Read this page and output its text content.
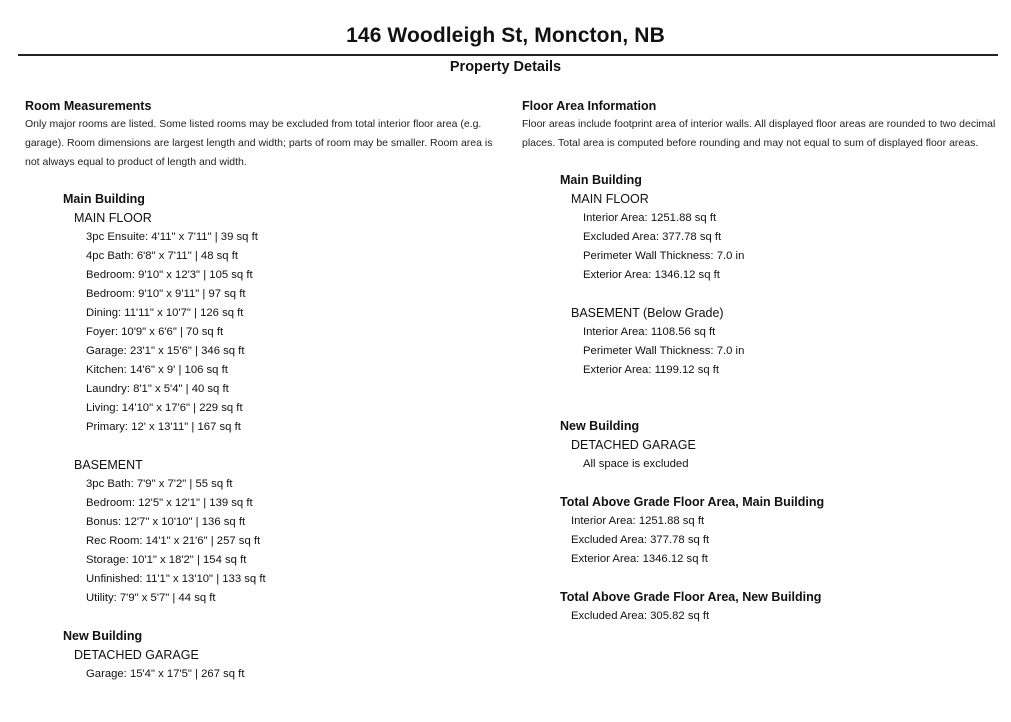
146 Woodleigh St, Moncton, NB
Property Details
Room Measurements

Only major rooms are listed. Some listed rooms may be excluded from total interior floor area (e.g. garage). Room dimensions are largest length and width; parts of room may be smaller. Room area is not always equal to product of length and width.

Main Building
MAIN FLOOR
3pc Ensuite: 4'11" x 7'11" | 39 sq ft
4pc Bath: 6'8" x 7'11" | 48 sq ft
Bedroom: 9'10" x 12'3" | 105 sq ft
Bedroom: 9'10" x 9'11" | 97 sq ft
Dining: 11'11" x 10'7" | 126 sq ft
Foyer: 10'9" x 6'6" | 70 sq ft
Garage: 23'1" x 15'6" | 346 sq ft
Kitchen: 14'6" x 9' | 106 sq ft
Laundry: 8'1" x 5'4" | 40 sq ft
Living: 14'10" x 17'6" | 229 sq ft
Primary: 12' x 13'11" | 167 sq ft
BASEMENT
3pc Bath: 7'9" x 7'2" | 55 sq ft
Bedroom: 12'5" x 12'1" | 139 sq ft
Bonus: 12'7" x 10'10" | 136 sq ft
Rec Room: 14'1" x 21'6" | 257 sq ft
Storage: 10'1" x 18'2" | 154 sq ft
Unfinished: 11'1" x 13'10" | 133 sq ft
Utility: 7'9" x 5'7" | 44 sq ft
New Building
DETACHED GARAGE
Garage: 15'4" x 17'5" | 267 sq ft
Floor Area Information

Floor areas include footprint area of interior walls. All displayed floor areas are rounded to two decimal places. Total area is computed before rounding and may not equal to sum of displayed floor areas.

Main Building
MAIN FLOOR
Interior Area: 1251.88 sq ft
Excluded Area: 377.78 sq ft
Perimeter Wall Thickness: 7.0 in
Exterior Area: 1346.12 sq ft
BASEMENT (Below Grade)
Interior Area: 1108.56 sq ft
Perimeter Wall Thickness: 7.0 in
Exterior Area: 1199.12 sq ft
New Building
DETACHED GARAGE
All space is excluded
Total Above Grade Floor Area, Main Building
Interior Area: 1251.88 sq ft
Excluded Area: 377.78 sq ft
Exterior Area: 1346.12 sq ft
Total Above Grade Floor Area, New Building
Excluded Area: 305.82 sq ft
